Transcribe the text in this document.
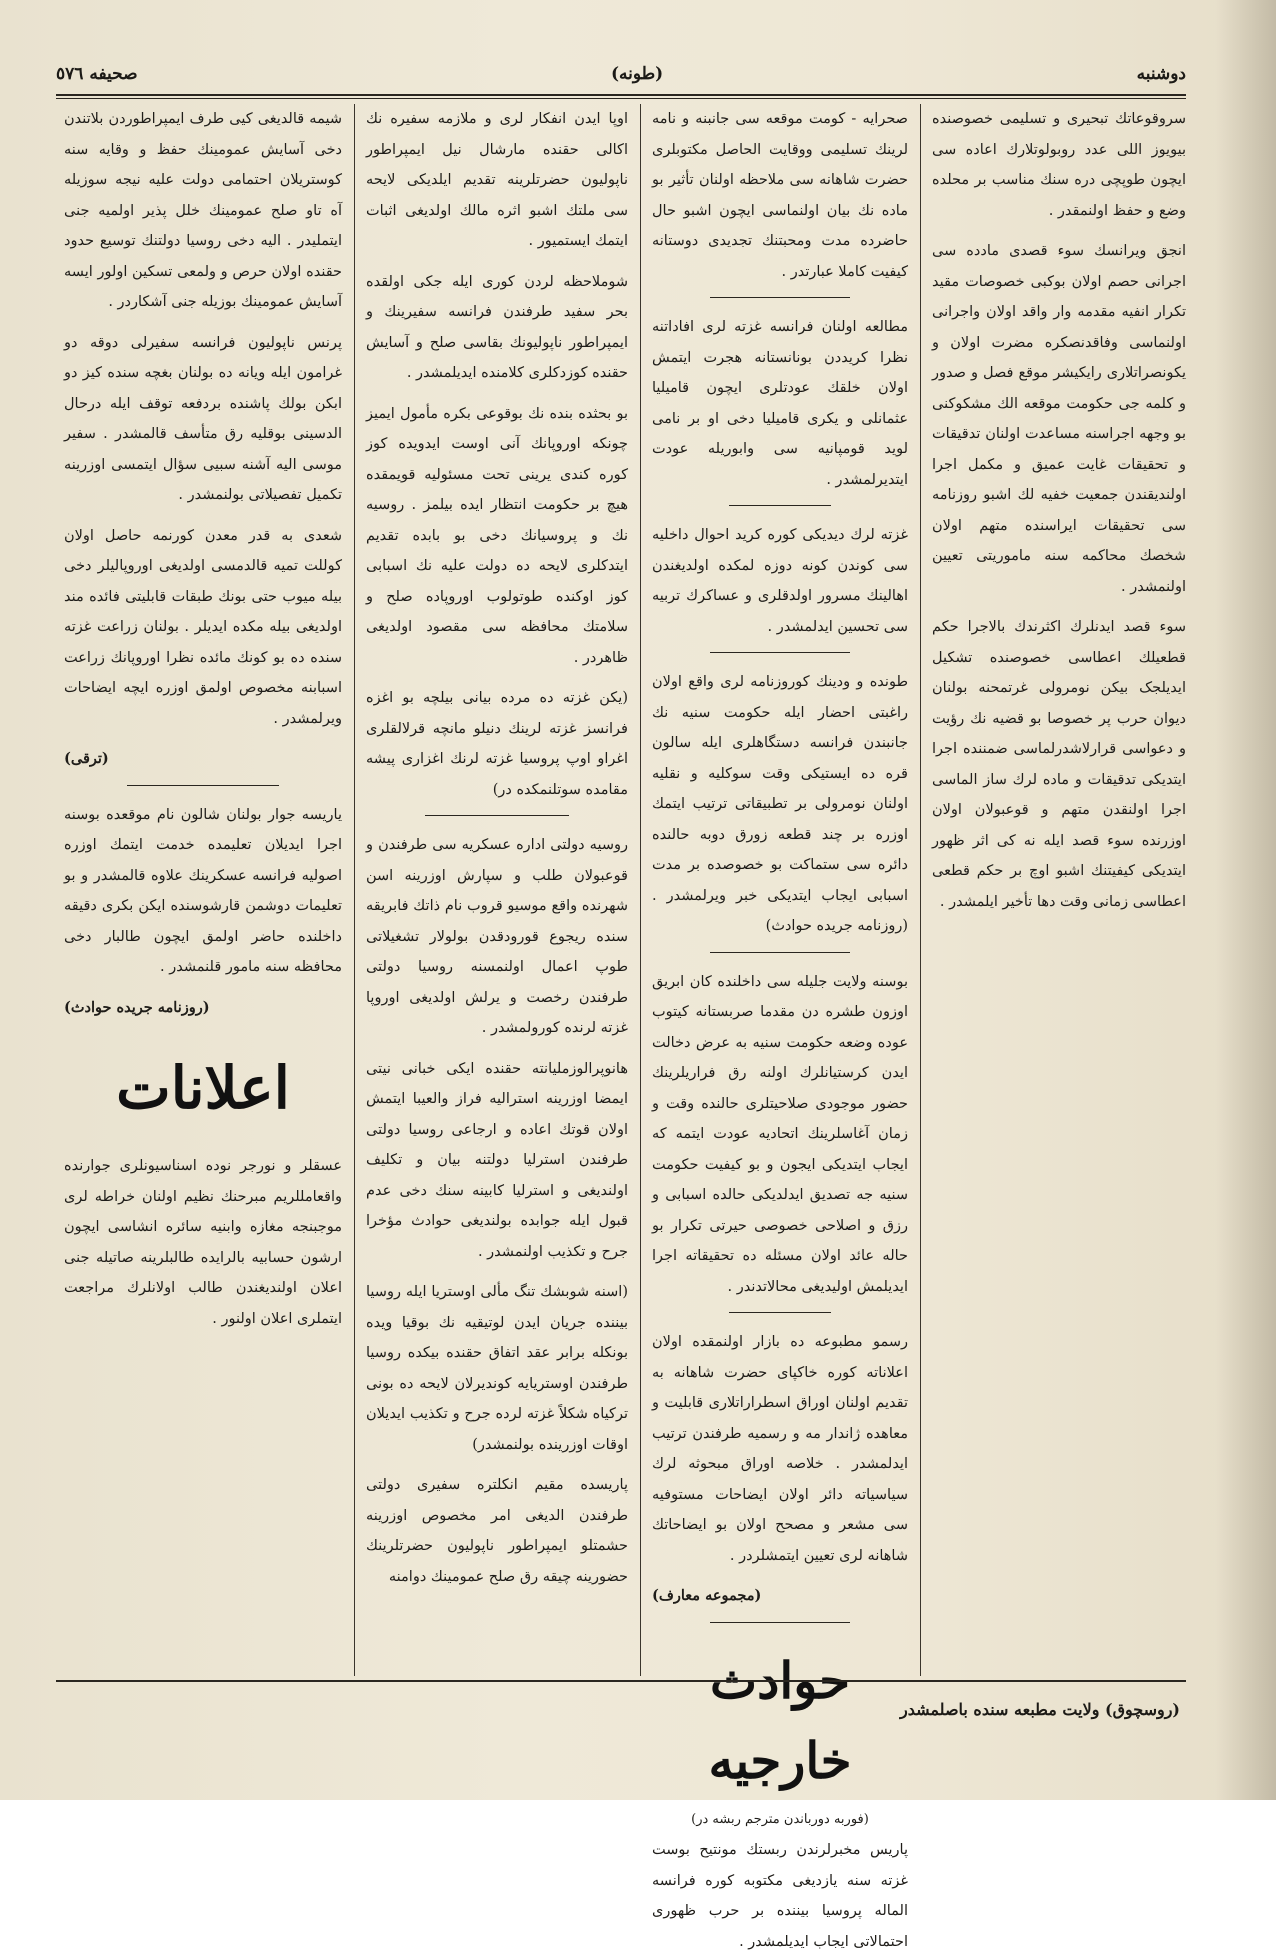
دوشنبه
(طونه)
صحیفه ٥٧٦

سروقوعاتك تبحیری و تسلیمی خصوصنده بیویوز اللی عدد روبولوتلارك اعاده سی ایچون طوپچی دره سنك مناسب بر محلده وضع و حفظ اولنمقدر .

انجق ویرانسك سوء قصدی مادده سی اجرانی حصم اولان بوكبی خصوصات مقید تكرار انفیه مقدمه وار واقد اولان واجرانی اولنماسی وفاقدنصكره مضرت اولان و یکونصراتلاری رایکیشر موقع فصل و صدور و كلمه جی حکومت موقعه الك مشكوكنی بو وجهه اجراسنه مساعدت اولنان تدقیقات و تحقیقات غایت عمیق و مکمل اجرا اولندیقندن جمعیت خفیه لك اشبو روزنامه سی تحقیقات ایراسنده متهم اولان شخصك محاکمه سنه ماموریتی تعیین اولنمشدر .

سوء قصد ایدنلرك اكثرندك بالاجرا حکم قطعیلك اعطاسی خصوصنده تشکیل ایدیلجک بیکن نومرولی غرتمحنه بولنان دیوان حرب پر خصوصا بو قضیه نك رؤیت و دعواسی قرارلاشدرلماسی ضمننده اجرا ایتدیكی تدقیقات و ماده لرك ساز الماسی اجرا اولنقدن متهم و قوعبولان اولان اوزرنده سوء قصد ایله نه کی اثر ظهور ایتدیکی کیفیتنك اشبو اوچ بر حکم قطعی اعطاسی زمانی وقت دها تأخیر ایلمشدر .

صحرایه - کومت موقعه سی جانبنه و نامه لرینك تسلیمی ووقایت الحاصل مکتوبلری حضرت شاهانه سی ملاحظه اولنان تأثیر بو ماده نك بیان اولنماسی ایچون اشبو حال حاضرده مدت ومحبتنك تجدیدی دوستانه کیفیت کاملا عبارتدر .

مطالعه اولنان فرانسه غزته لری افاداتنه نظرا کریددن بونانستانه هجرت ایتمش اولان خلقك عودتلری ایچون قامیلیا عثمانلی و یکری قامیلیا دخی او بر نامی لوید قومپانیه سی وابوریله عودت ایتدیرلمشدر .

غزته لرك دیدیكی کوره کرید احوال داخلیه سی کوندن کونه دوزه لمکده اولدیغندن اهالینك مسرور اولدقلری و عساکرك تربیه سی تحسین ایدلمشدر .

طونده و ودینك کوروزنامه لری واقع اولان راغبتی احضار ایله حکومت سنیه نك جانبندن فرانسه دستگاهلری ایله سالون قره ده ایستیکی وقت سوکلیه و نقلیه اولنان نومرولی بر تطبیقاتی ترتیب ایتمك اوزره بر چند قطعه زورق دوبه حالنده دائره سی ستماکت بو خصوصده بر مدت اسبابی ایجاب ایتدیکی خبر ویرلمشدر . (روزنامه جریده حوادث)

بوسنه ولایت جلیله سی داخلنده کان ابریق اوزون طشره دن مقدما صربستانه کیتوب عوده وضعه حکومت سنیه به عرض دخالت ایدن کرستیانلرك اولنه رق فراریلرینك حضور موجودی صلاحیتلری حالنده وقت و زمان آغاسلرینك اتحادیه عودت ایتمه که ایجاب ایتدیکی ایجون و بو کیفیت حکومت سنیه جه تصدیق ایدلدیکی حالده اسبابی و رزق و اصلاحی خصوصی حیرتی تکرار بو حاله عائد اولان مسئله ده تحقیقاته اجرا ایدیلمش اولیدیغی محالاتدندر .

رسمو مطبوعه ده بازار اولنمقده اولان اعلاناته کوره خاکپای حضرت شاهانه به تقدیم اولنان اوراق اسطراراتلاری قابلیت و معاهده ژاندار مه و رسمیه طرفندن ترتیب ایدلمشدر . خلاصه اوراق مبحوثه لرك سیاسیاته دائر اولان ایضاحات مستوفیه سی مشعر و مصحح اولان بو ایضاحاتك شاهانه لری تعیین ایتمشلردر .

(مجموعه معارف)
حوادث خارجیه
(فوربه دورباندن مترجم ربشه در)

پاریس مخبرلرندن ربستك مونتیح بوست غزته سنه یازدیغی مکتوبه کوره فرانسه الماله پروسیا بیننده بر حرب ظهوری احتمالاتی ایجاب ایدیلمشدر .

اوپا ایدن انفکار لری و ملازمه سفیره نك اکالی حقنده مارشال نیل ایمپراطور ناپولیون حضرتلرینه تقدیم ایلدیکی لایحه سی ملتك اشبو اثره مالك اولدیغی اثبات ایتمك ایستمیور .

شوملاحظه لردن کوری ایله جکی اولقده بحر سفید طرفندن فرانسه سفیرینك و ایمپراطور ناپولیونك بقاسی صلح و آسایش حقنده کوزدکلری کلامنده ایدیلمشدر .

بو بحثده بنده نك بوقوعی بکره مأمول ایمیز چونکه اوروپانك آنی اوست ایدویده کوز کوره کندی یرینی تحت مسئولیه قویمقده هیچ بر حکومت انتظار ایده بیلمز . روسیه نك و پروسیانك دخی بو بابده تقدیم ایتدکلری لایحه ده دولت علیه نك اسبابی کوز اوکنده طوتولوب اوروپاده صلح و سلامتك محافظه سی مقصود اولدیغی ظاهردر .

(یکن غزته ده مرده بیانی بیلچه بو اغزه فرانسز غزته لرینك دنیلو مانچه قرلالقلری اغراو اوپ پروسیا غزته لرنك اغزاری پیشه مقامده سوتلنمكده در)

روسیه دولتی اداره عسکریه سی طرفندن و قوعبولان طلب و سپارش اوزرینه اسن شهرنده واقع موسیو قروب نام ذاتك فابریقه سنده ریجوع قورودقدن بولولار تشغیلاتی طوپ اعمال اولنمسنه روسیا دولتی طرفندن رخصت و یرلش اولدیغی اوروپا غزته لرنده کورولمشدر .

هانوپرالوزملیانته حقنده ایکی خبانی نیتی ایمضا اوزرینه استرالیه فراز والعیبا ایتمش اولان قوتك اعاده و ارجاعی روسیا دولتی طرفندن استرلیا دولتنه بیان و تکلیف اولندیغی و استرلیا کابینه سنك دخی عدم قبول ایله جوابده بولندیغی حوادث مؤخرا جرح و تکذیب اولنمشدر .

(اسنه شوبشك تنگ مألی اوستریا ایله روسیا بیننده جریان ایدن لوتیقیه نك بوقیا ویده بونکله برابر عقد اتفاق حقنده بیکده روسیا طرفندن اوستریایه کوندیرلان لایحه ده بونی ترکیاه شکلاً غزته لرده جرح و تکذیب ایدیلان اوقات اوزرینده بولنمشدر)

پاریسده مقیم انکلتره سفیری دولتی طرفندن الدیغی امر مخصوص اوزرینه حشمتلو ایمپراطور ناپولیون حضرتلرینك حضورینه چیقه رق صلح عمومینك دوامنه

شیمه قالدیغی کیی طرف ایمپراطوردن بلاتندن دخی آسایش عمومینك حفظ و وقایه سنه کوستریلان احتمامی دولت علیه نیجه سوزیله آه تاو صلح عمومینك خلل پذیر اولمیه جنی ایتملیدر . الیه دخی روسیا دولتنك توسیع حدود حقنده اولان حرص و ولمعی تسکین اولور ایسه آسایش عمومینك بوزیله جنی آشکاردر .

پرنس ناپولیون فرانسه سفیرلی دوقه دو غرامون ایله ویانه ده بولنان بغچه سنده کیز دو ابکن بولك پاشنده بردفعه توقف ایله درحال الدسینی بوقلیه رق متأسف قالمشدر . سفیر موسی الیه آشنه سبیی سؤال ایتمسی اوزرینه تکمیل تفصیلاتی بولنمشدر .

شعدی به قدر معدن کورنمه حاصل اولان کوللت تمیه قالدمسی اولدیغی اوروپالیلر دخی بیله میوب حتی بونك طبقات قابلیتی فائده مند اولدیغی بیله مکده ایدیلر . بولنان زراعت غزته سنده ده بو کونك مائده نظرا اوروپانك زراعت اسبابنه مخصوص اولمق اوزره ایچه ایضاحات ویرلمشدر .

(ترقی)

یاریسه جوار بولنان شالون نام موقعده بوسنه اجرا ایدیلان تعلیمده خدمت ایتمك اوزره اصولیه فرانسه عسکرینك علاوه قالمشدر و بو تعلیمات دوشمن قارشوسنده ایکن بکری دقیقه داخلنده حاضر اولمق ایچون طالبار دخی محافظه سنه مامور قلنمشدر .

(روزنامه جریده حوادث)
اعلانات

عسقلر و نورجر نوده اسناسیونلری جوارنده واقعامللریم مبرحنك نظیم اولنان خراطه لری موجبنجه مغازه وابنیه سائره انشاسی ایچون ارشون حسابیه بالرایده طالبلرینه صاتیله جنی اعلان اولندیغندن طالب اولانلرك مراجعت ایتملری اعلان اولنور .

(روسچوق) ولایت مطبعه سنده باصلمشدر
